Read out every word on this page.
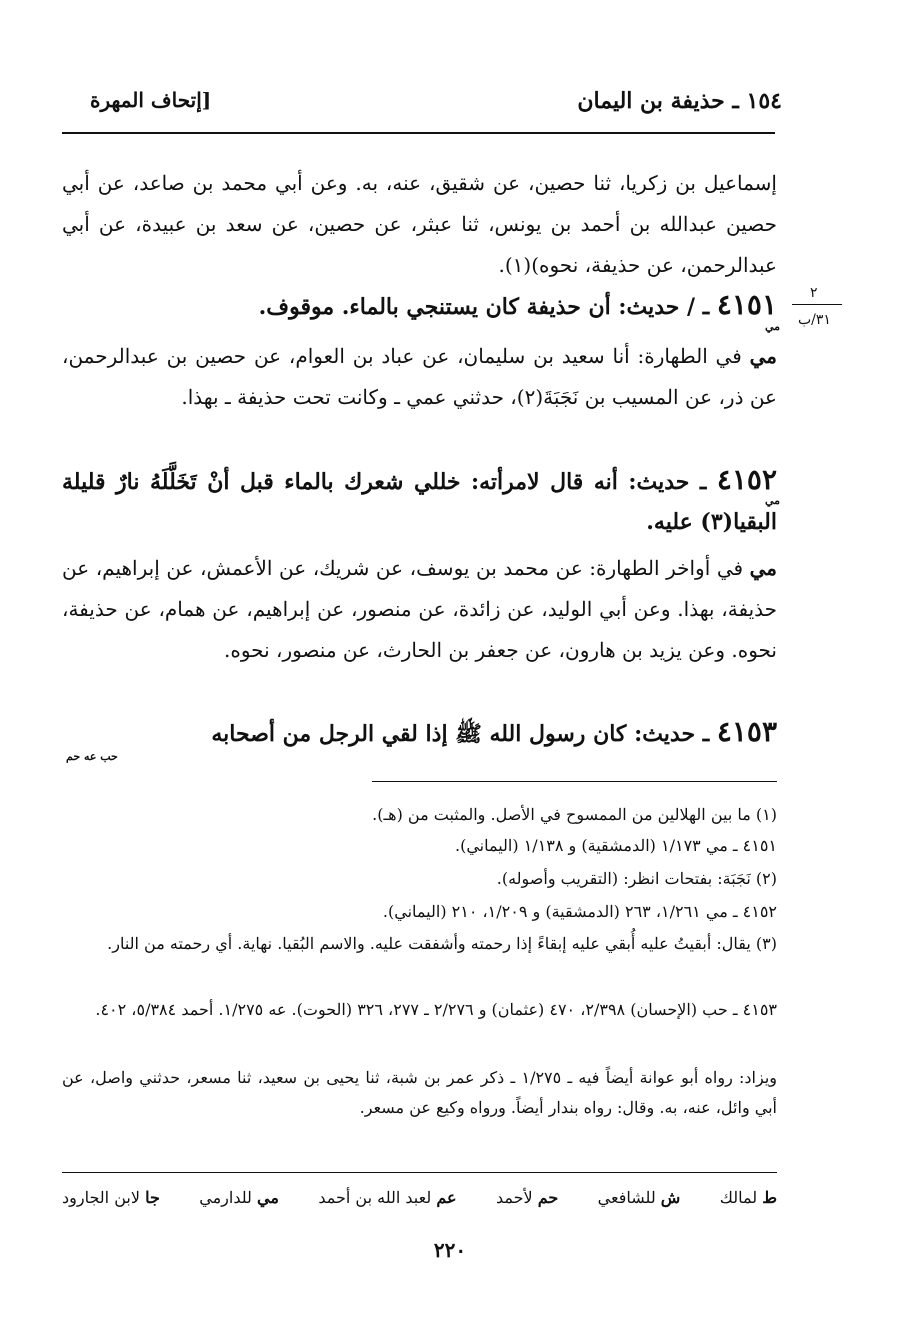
١٥٤ ـ حذيفة بن اليمان
[إتحاف المهرة
٢
٣١/ب
إسماعيل بن زكريا، ثنا حصين، عن شقيق، عنه، به. وعن أبي محمد بن صاعد، عن أبي حصين عبدالله بن أحمد بن يونس، ثنا عبثر، عن حصين، عن سعد بن عبيدة، عن أبي عبدالرحمن، عن حذيفة، نحوه)(١).
٤١٥١ ـ / حديث: أن حذيفة كان يستنجي بالماء. موقوف.
مي
مي في الطهارة: أنا سعيد بن سليمان، عن عباد بن العوام، عن حصين بن عبدالرحمن، عن ذر، عن المسيب بن نَجَبَةَ(٢)، حدثني عمي ـ وكانت تحت حذيفة ـ بهذا.
٤١٥٢ ـ حديث: أنه قال لامرأته: خللي شعرك بالماء قبل أنْ تَخَلَّلَهُ نارٌ قليلة البقيا(٣) عليه.
مي
مي في أواخر الطهارة: عن محمد بن يوسف، عن شريك، عن الأعمش، عن إبراهيم، عن حذيفة، بهذا. وعن أبي الوليد، عن زائدة، عن منصور، عن إبراهيم، عن همام، عن حذيفة، نحوه. وعن يزيد بن هارون، عن جعفر بن الحارث، عن منصور، نحوه.
٤١٥٣ ـ حديث: كان رسول الله ﷺ إذا لقي الرجل من أصحابه
حب عه حم
(١) ما بين الهلالين من الممسوح في الأصل. والمثبت من (هـ).
٤١٥١ ـ مي ١/١٧٣ (الدمشقية) و ١/١٣٨ (اليماني).
(٢) نَجَبَة: بفتحات انظر: (التقريب وأصوله).
٤١٥٢ ـ مي ١/٢٦١، ٢٦٣ (الدمشقية) و ١/٢٠٩، ٢١٠ (اليماني).
(٣) يقال: أبقيتُ عليه أُبقي عليه إبقاءً إذا رحمته وأشفقت عليه. والاسم البُقيا. نهاية. أي رحمته من النار.
٤١٥٣ ـ حب (الإحسان) ٢/٣٩٨، ٤٧٠ (عثمان) و ٢/٢٧٦ ـ ٢٧٧، ٣٢٦ (الحوت). عه ١/٢٧٥. أحمد ٥/٣٨٤، ٤٠٢.
ويزاد: رواه أبو عوانة أيضاً فيه ـ ١/٢٧٥ ـ ذكر عمر بن شبة، ثنا يحيى بن سعيد، ثنا مسعر، حدثني واصل، عن أبي وائل، عنه، به. وقال: رواه بندار أيضاً. ورواه وكيع عن مسعر.
ط لمالك
ش للشافعي
حم لأحمد
عم لعبد الله بن أحمد
مي للدارمي
جا لابن الجارود
٢٢٠
